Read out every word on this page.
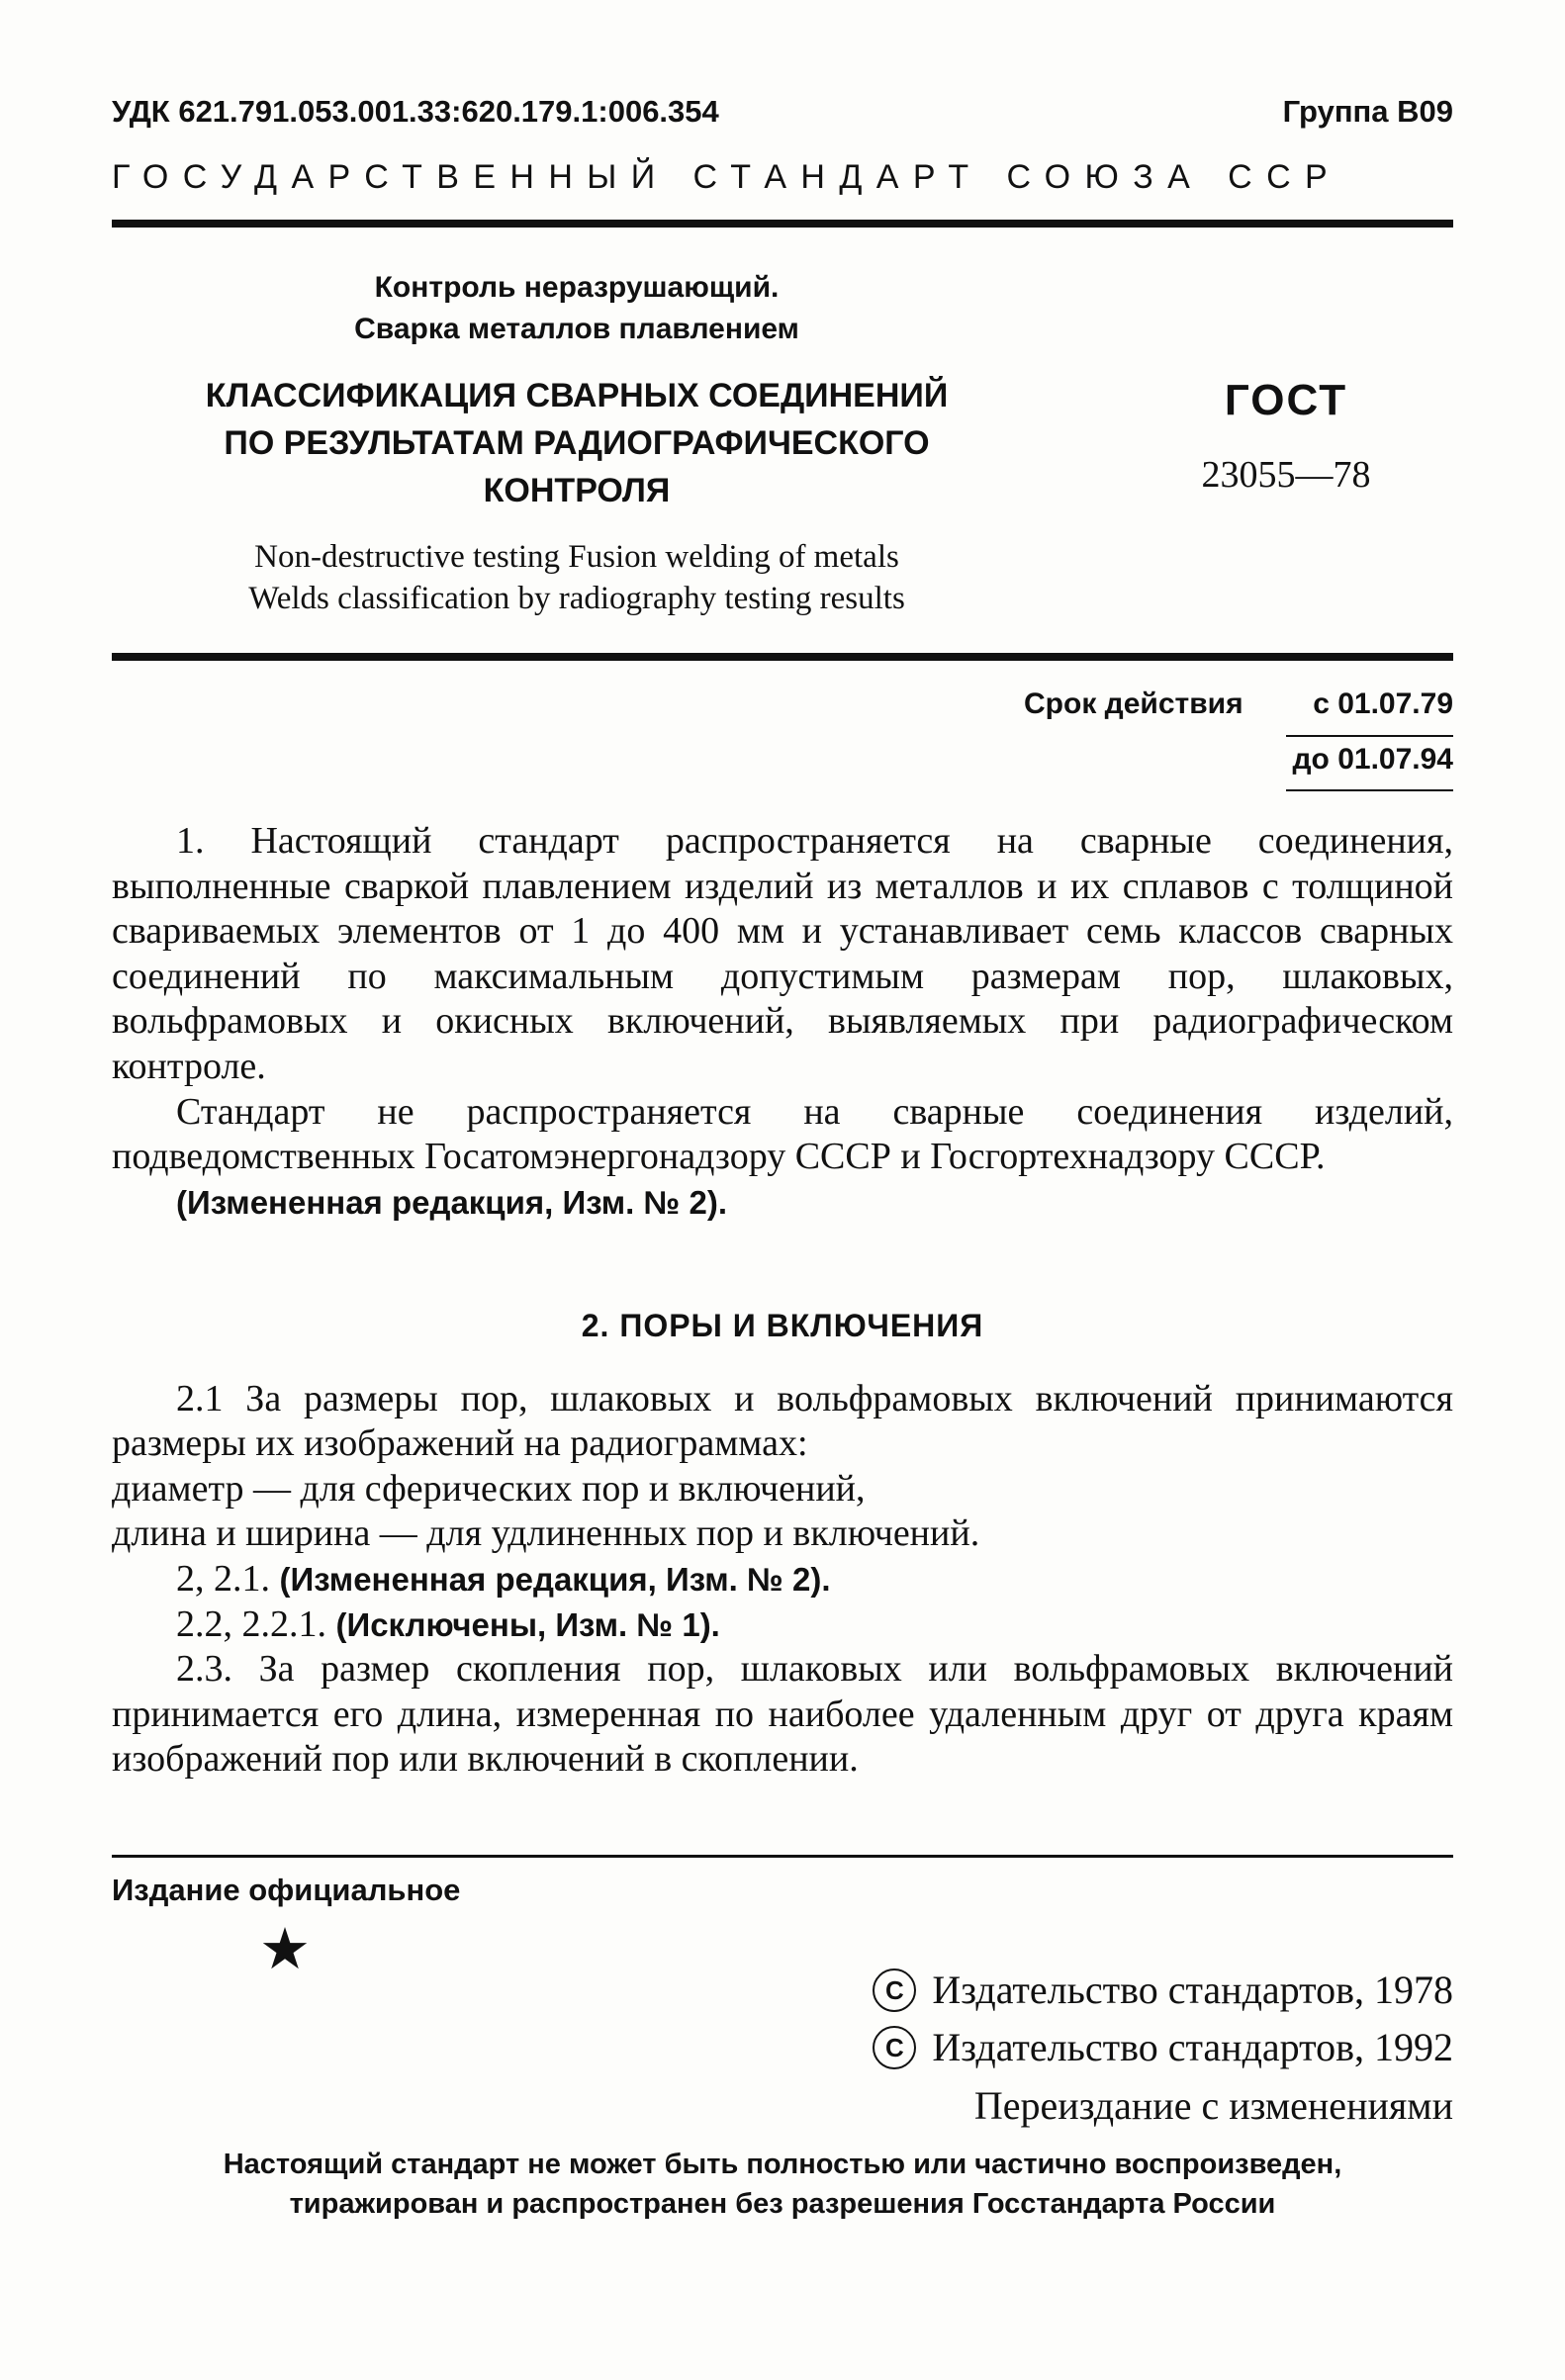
УДК 621.791.053.001.33:620.179.1:006.354	Группа В09
ГОСУДАРСТВЕННЫЙ СТАНДАРТ СОЮЗА ССР
Контроль неразрушающий.
Сварка металлов плавлением
КЛАССИФИКАЦИЯ СВАРНЫХ СОЕДИНЕНИЙ
ПО РЕЗУЛЬТАТАМ РАДИОГРАФИЧЕСКОГО
КОНТРОЛЯ
Non-destructive testing Fusion welding of metals
Welds classification by radiography testing results
ГОСТ
23055—78
Срок действия с 01.07.79
до 01.07.94

1. Настоящий стандарт распространяется на сварные соединения, выполненные сваркой плавлением изделий из металлов и их сплавов с толщиной свариваемых элементов от 1 до 400 мм и устанавливает семь классов сварных соединений по максимальным допустимым размерам пор, шлаковых, вольфрамовых и окисных включений, выявляемых при радиографическом контроле.

Стандарт не распространяется на сварные соединения изделий, подведомственных Госатомэнергонадзору СССР и Госгортехнадзору СССР.

(Измененная редакция, Изм. № 2).

2. ПОРЫ И ВКЛЮЧЕНИЯ

2.1 За размеры пор, шлаковых и вольфрамовых включений принимаются размеры их изображений на радиограммах:

диаметр — для сферических пор и включений,

длина и ширина — для удлиненных пор и включений.

2, 2.1. (Измененная редакция, Изм. № 2).

2.2, 2.2.1. (Исключены, Изм. № 1).

2.3. За размер скопления пор, шлаковых или вольфрамовых включений принимается его длина, измеренная по наиболее удаленным друг от друга краям изображений пор или включений в скоплении.

Издание официальное
★
C Издательство стандартов, 1978
C Издательство стандартов, 1992
Переиздание с изменениями
Настоящий стандарт не может быть полностью или частично воспроизведен,
тиражирован и распространен без разрешения Госстандарта России
